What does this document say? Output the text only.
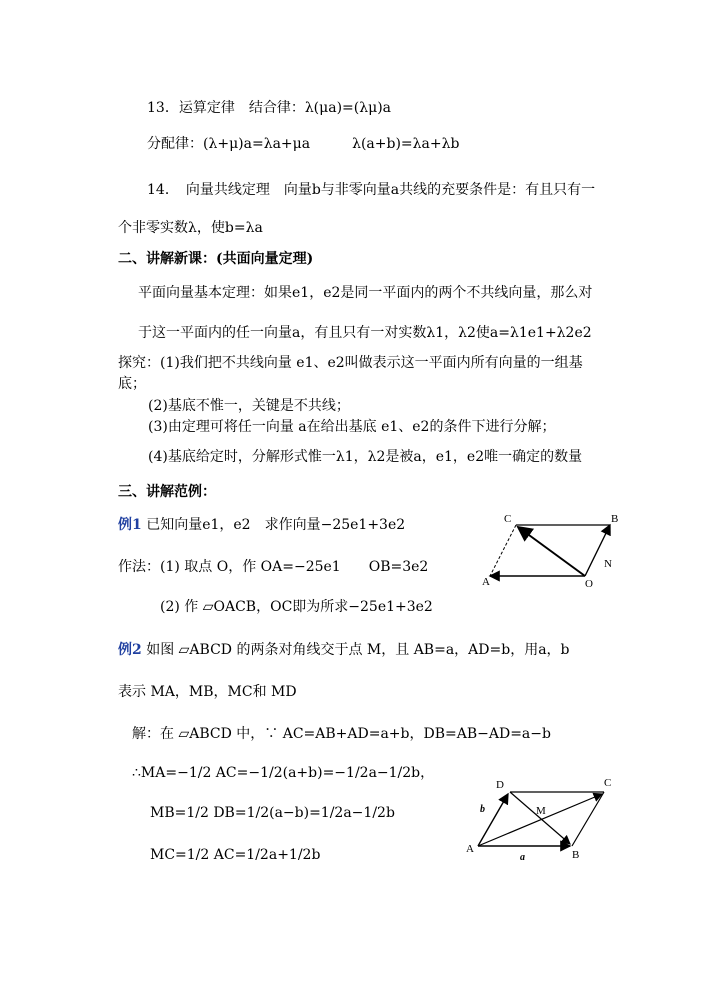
13．运算定律　结合律：λ(μa)=(λμ)a
分配律：(λ+μ)a=λa+μa　　　λ(a+b)=λa+λb
14．　向量共线定理　向量b与非零向量a共线的充要条件是：有且只有一
个非零实数λ，使b=λa
二、讲解新课：(共面向量定理)
平面向量基本定理：如果e1，e2是同一平面内的两个不共线向量，那么对
于这一平面内的任一向量a，有且只有一对实数λ1，λ2使a=λ1e1+λ2e2
探究：(1)我们把不共线向量 e1、e2叫做表示这一平面内所有向量的一组基
底；
(2)基底不惟一，关键是不共线；
(3)由定理可将任一向量 a在给出基底 e1、e2的条件下进行分解；
(4)基底给定时，分解形式惟一λ1，λ2是被a，e1，e2唯一确定的数量
三、讲解范例：
例1 已知向量e1，e2　求作向量−25e1+3e2
作法：(1) 取点 O，作 OA=−25e1　　OB=3e2
(2) 作 ▱OACB，OC即为所求−25e1+3e2
C	B
A	O
N
例2 如图 ▱ABCD 的两条对角线交于点 M，且 AB=a，AD=b，用a，b
表示 MA，MB，MC和 MD
解：在 ▱ABCD 中，∵ AC=AB+AD=a+b，DB=AB−AD=a−b
∴MA=−1/2 AC=−1/2(a+b)=−1/2a−1/2b，
MB=1/2 DB=1/2(a−b)=1/2a−1/2b
MC=1/2 AC=1/2a+1/2b
D	C
M
A	B
a
b
